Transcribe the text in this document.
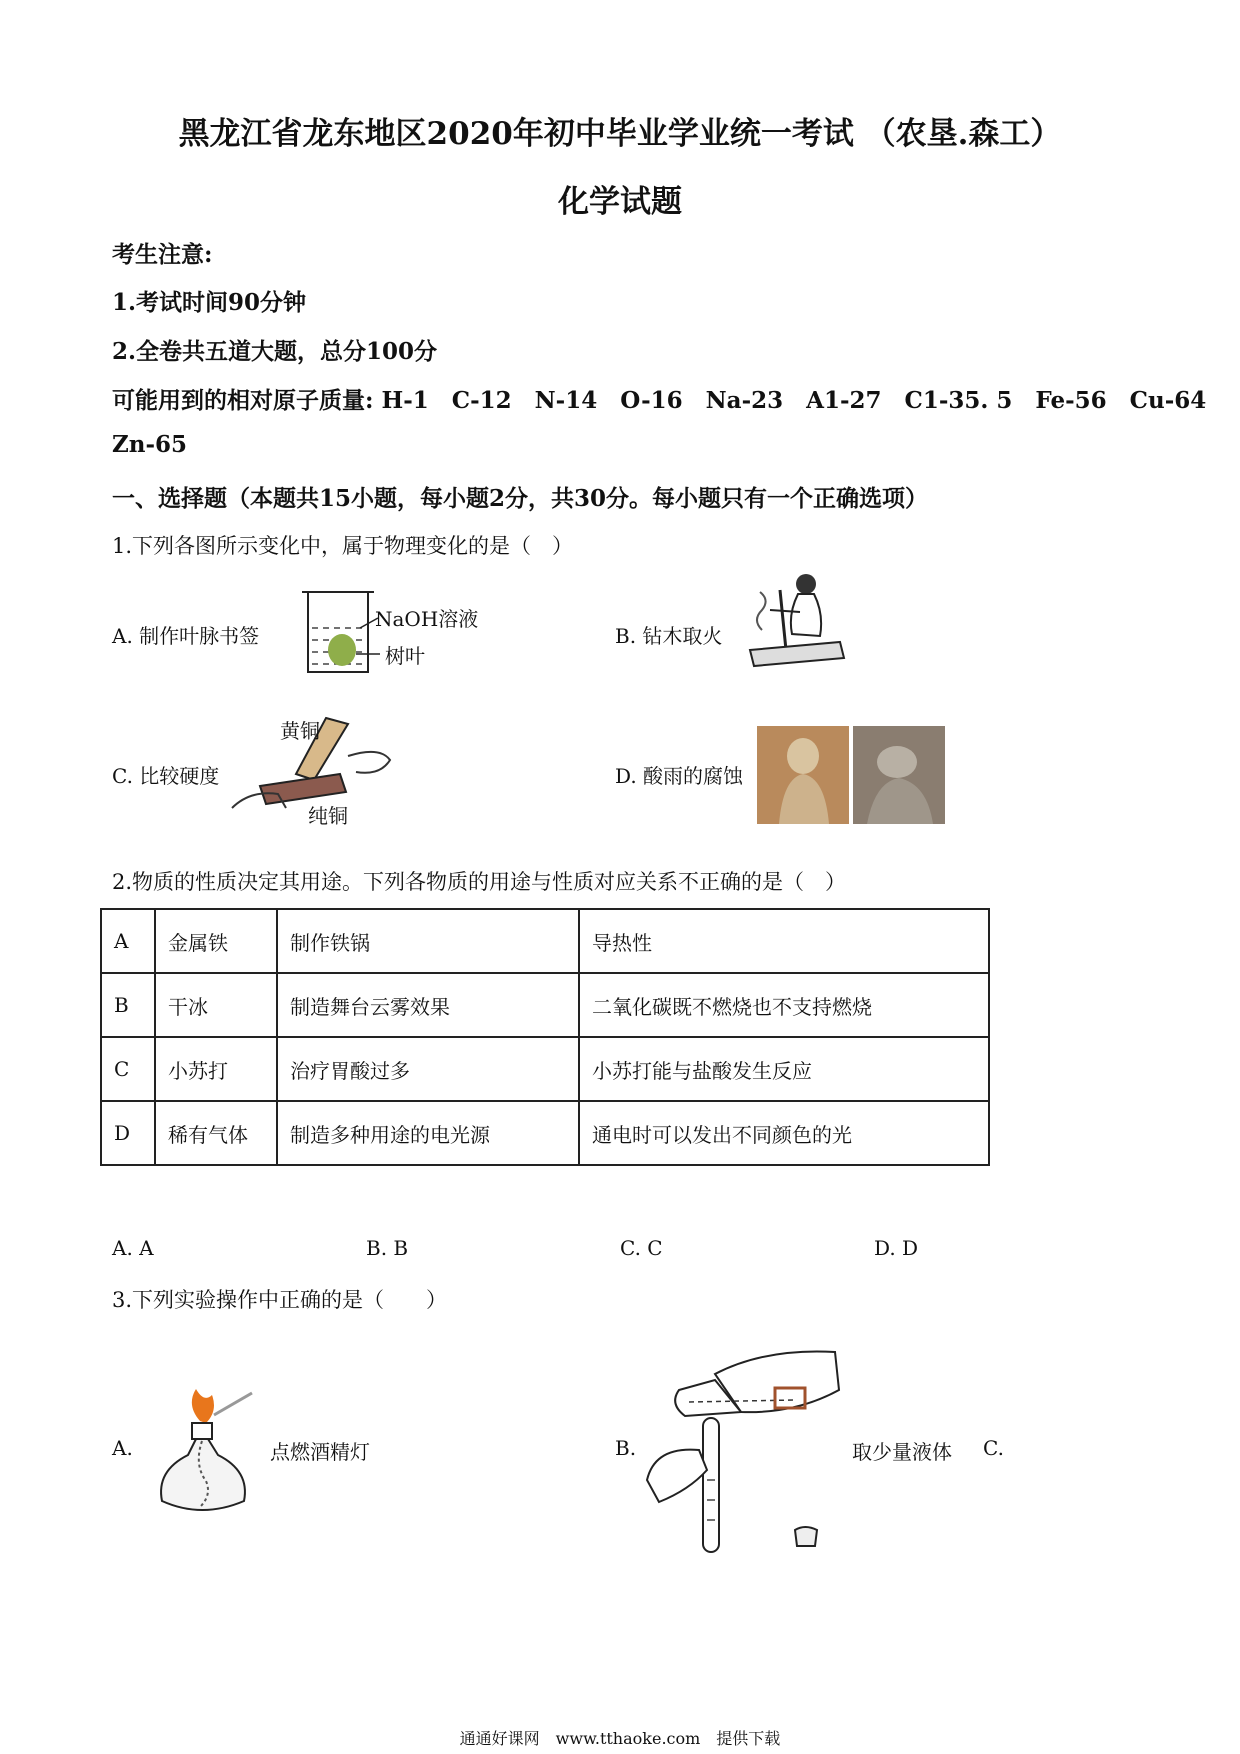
黑龙江省龙东地区2020年初中毕业学业统一考试 （农垦.森工）
化学试题
考生注意:
1.考试时间90分钟
2.全卷共五道大题，总分100分
可能用到的相对原子质量: H-1　C-12　N-14　O-16　Na-23　A1-27　C1-35. 5　Fe-56　Cu-64
Zn-65
一、选择题（本题共15小题，每小题2分，共30分。每小题只有一个正确选项）
1.下列各图所示变化中，属于物理变化的是（　）
A. 制作叶脉书签
NaOH溶液
树叶
B. 钻木取火
C. 比较硬度
黄铜
纯铜
D. 酸雨的腐蚀
2.物质的性质决定其用途。下列各物质的用途与性质对应关系不正确的是（　）
A	金属铁	制作铁锅	导热性
B	干冰	制造舞台云雾效果	二氧化碳既不燃烧也不支持燃烧
C	小苏打	治疗胃酸过多	小苏打能与盐酸发生反应
D	稀有气体	制造多种用途的电光源	通电时可以发出不同颜色的光
A. A	B. B	C. C	D. D
3.下列实验操作中正确的是（　　）
A.	点燃酒精灯	B.	取少量液体 C.
通通好课网　www.tthaoke.com　提供下载
